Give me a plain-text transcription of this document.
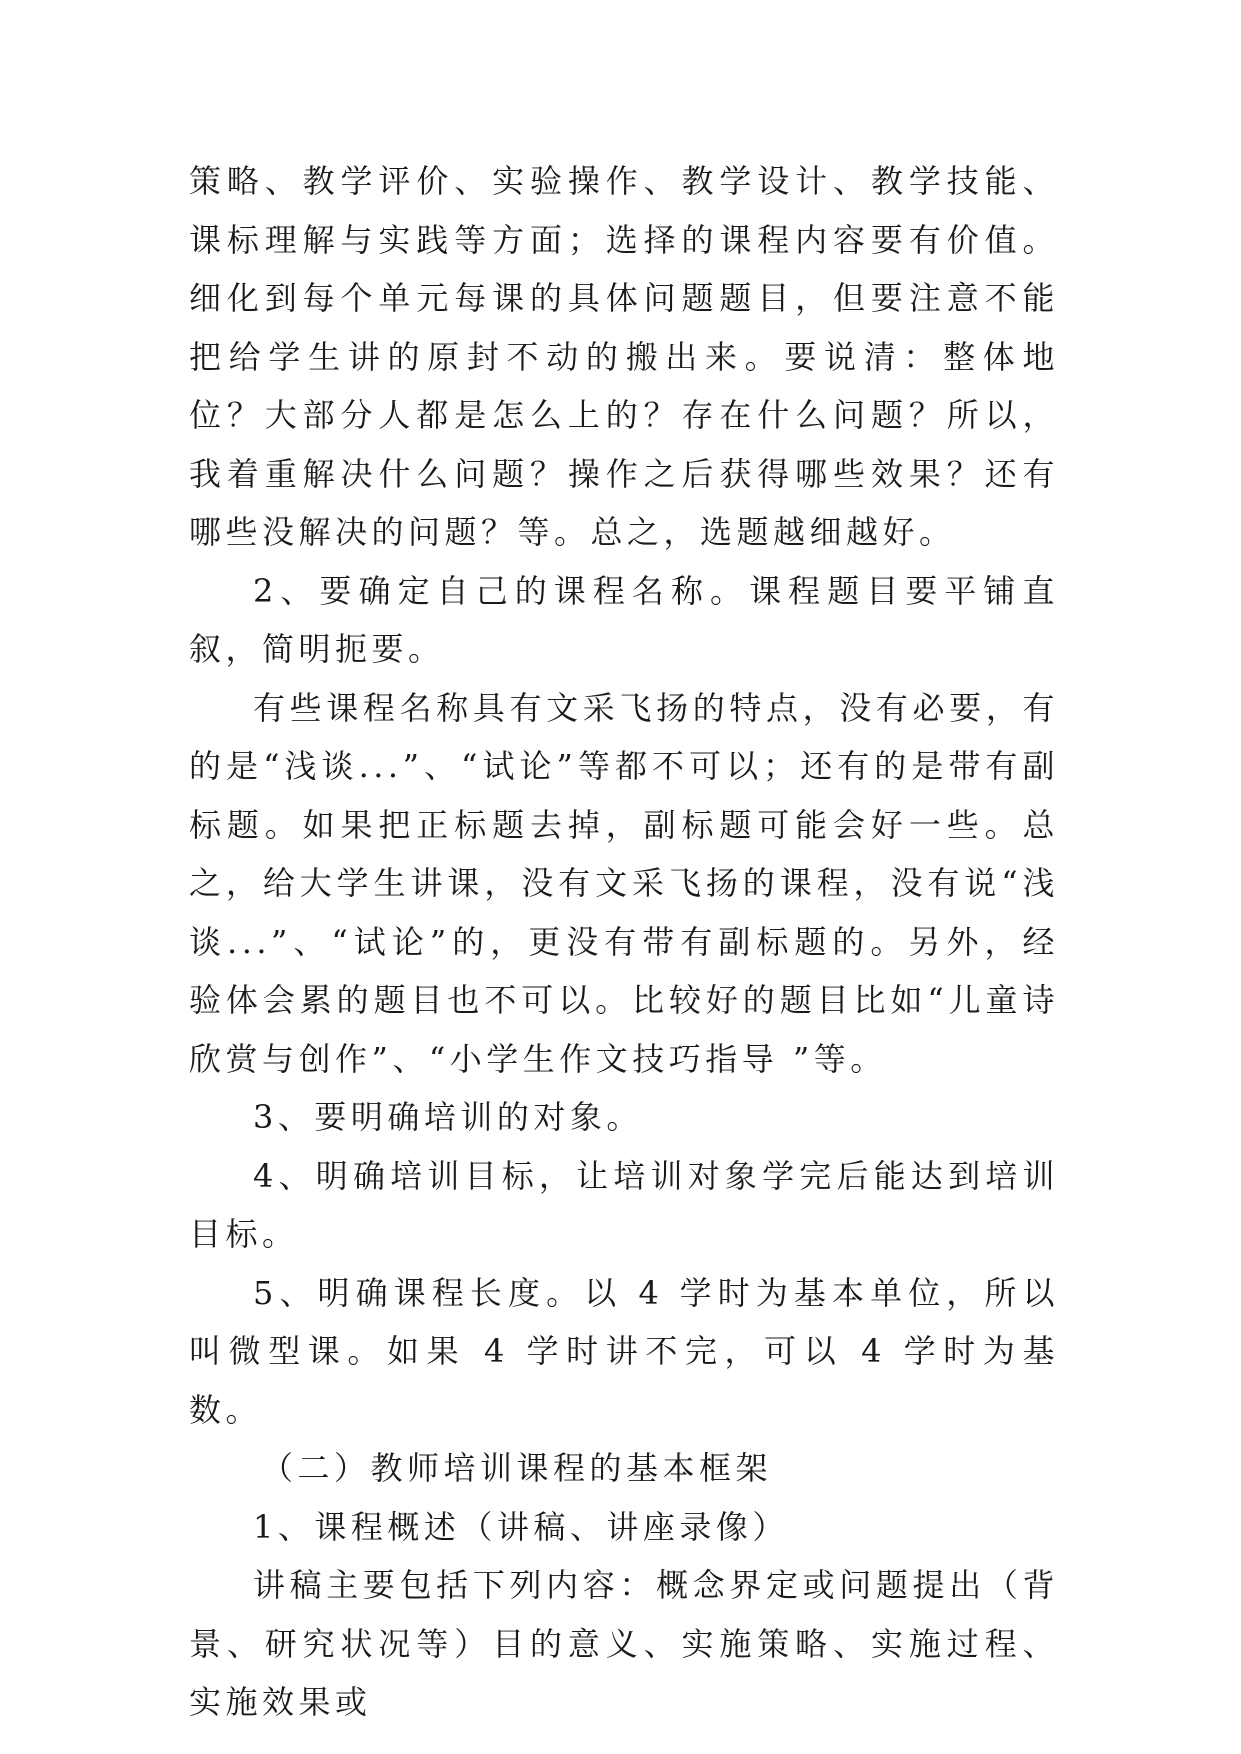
策略、教学评价、实验操作、教学设计、教学技能、课标理解与实践等方面；选择的课程内容要有价值。细化到每个单元每课的具体问题题目，但要注意不能把给学生讲的原封不动的搬出来。要说清：整体地位？大部分人都是怎么上的？存在什么问题？所以，我着重解决什么问题？操作之后获得哪些效果？还有哪些没解决的问题？等。总之，选题越细越好。

2、要确定自己的课程名称。课程题目要平铺直叙，简明扼要。

有些课程名称具有文采飞扬的特点，没有必要，有的是“浅谈...”、“试论”等都不可以；还有的是带有副标题。如果把正标题去掉，副标题可能会好一些。总之，给大学生讲课，没有文采飞扬的课程，没有说“浅谈...”、“试论”的，更没有带有副标题的。另外，经验体会累的题目也不可以。比较好的题目比如“儿童诗欣赏与创作”、“小学生作文技巧指导 ”等。

3、要明确培训的对象。

4、明确培训目标，让培训对象学完后能达到培训目标。

5、明确课程长度。以 4 学时为基本单位，所以叫微型课。如果 4 学时讲不完，可以 4 学时为基数。

（二）教师培训课程的基本框架

1、课程概述（讲稿、讲座录像）

讲稿主要包括下列内容：概念界定或问题提出（背景、研究状况等）目的意义、实施策略、实施过程、实施效果或
